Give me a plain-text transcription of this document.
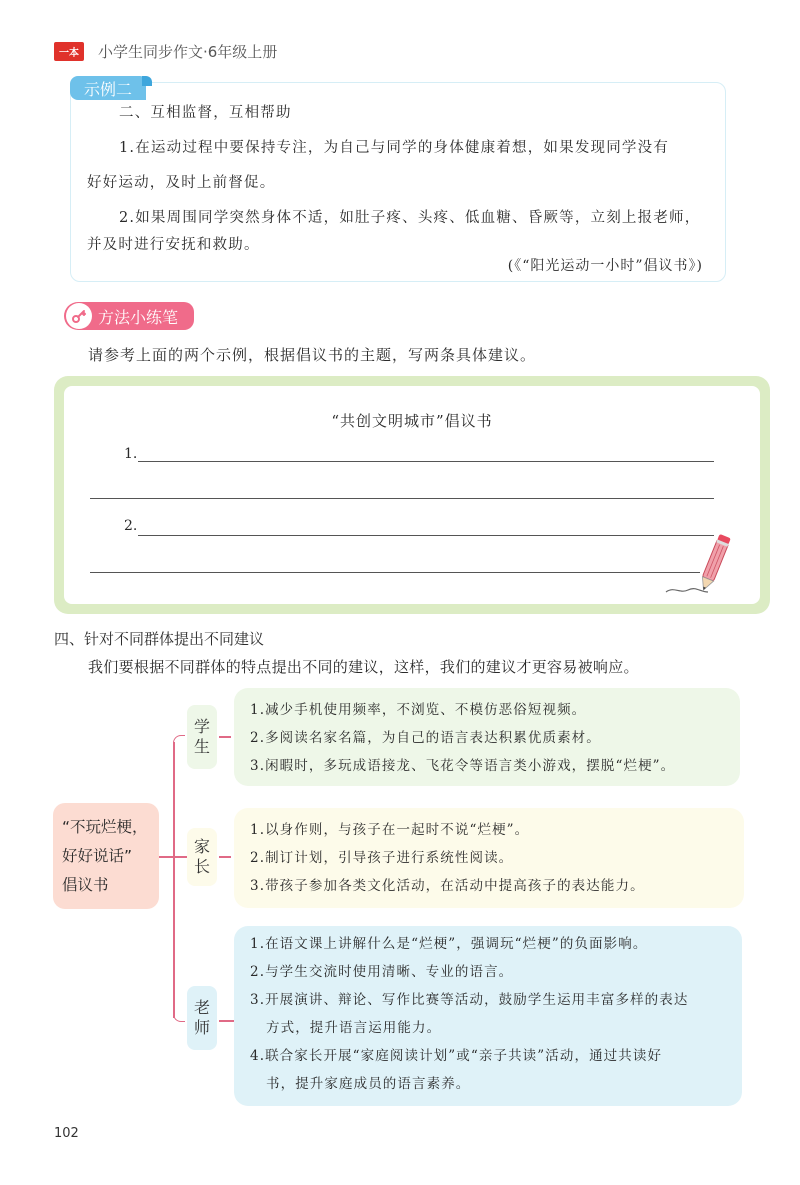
一本	小学生同步作文·6年级上册
二、互相监督，互相帮助
1.在运动过程中要保持专注，为自己与同学的身体健康着想，如果发现同学没有
好好运动，及时上前督促。
2.如果周围同学突然身体不适，如肚子疼、头疼、低血糖、昏厥等，立刻上报老师，
并及时进行安抚和救助。
(《“阳光运动一小时”倡议书》)
示例二
方法小练笔
请参考上面的两个示例，根据倡议书的主题，写两条具体建议。
“共创文明城市”倡议书
1.
2.
四、针对不同群体提出不同建议
我们要根据不同群体的特点提出不同的建议，这样，我们的建议才更容易被响应。
“不玩烂梗，
好好说话”
倡议书
学
生
1.减少手机使用频率，不浏览、不模仿恶俗短视频。
2.多阅读名家名篇，为自己的语言表达积累优质素材。
3.闲暇时，多玩成语接龙、飞花令等语言类小游戏，摆脱“烂梗”。
家
长
1.以身作则，与孩子在一起时不说“烂梗”。
2.制订计划，引导孩子进行系统性阅读。
3.带孩子参加各类文化活动，在活动中提高孩子的表达能力。
老
师
1.在语文课上讲解什么是“烂梗”，强调玩“烂梗”的负面影响。
2.与学生交流时使用清晰、专业的语言。
3.开展演讲、辩论、写作比赛等活动，鼓励学生运用丰富多样的表达
方式，提升语言运用能力。
4.联合家长开展“家庭阅读计划”或“亲子共读”活动，通过共读好
书，提升家庭成员的语言素养。
102
